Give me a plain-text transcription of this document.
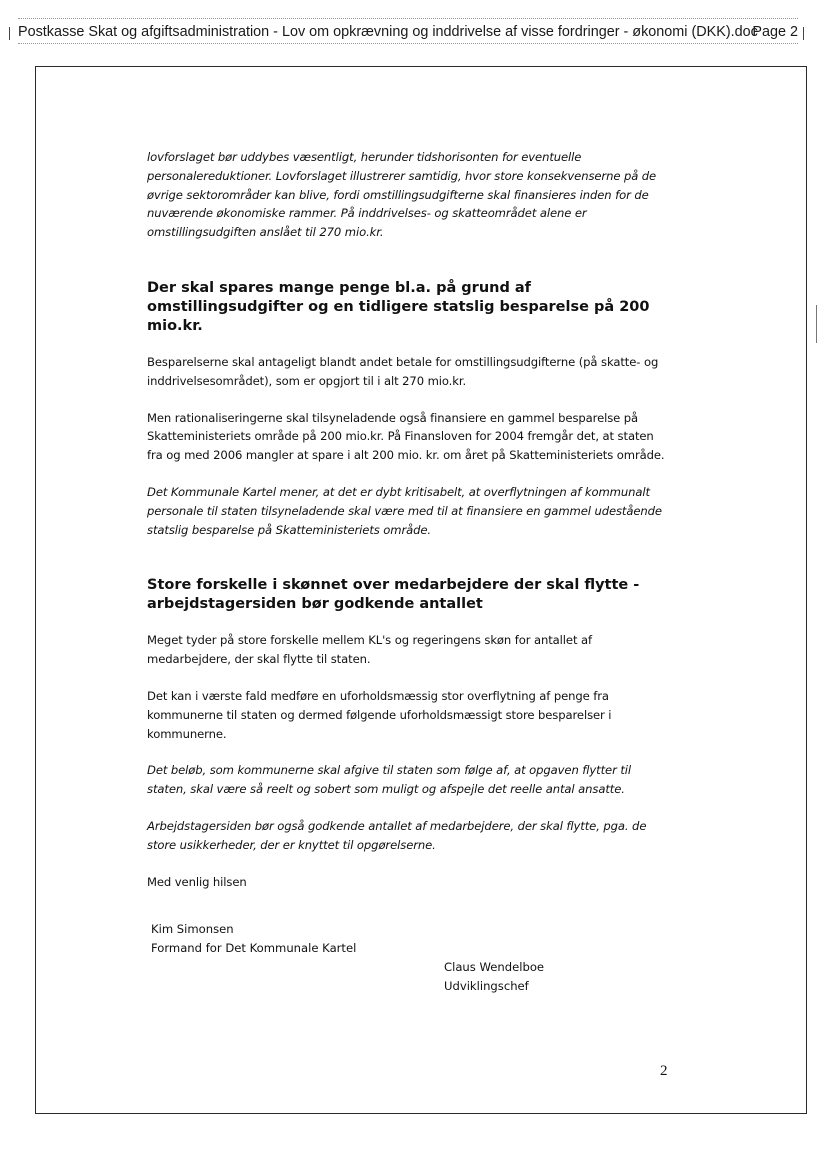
Postkasse Skat og afgiftsadministration - Lov om opkrævning og inddrivelse af visse fordringer - økonomi (DKK).doc
Page 2

lovforslaget bør uddybes væsentligt, herunder tidshorisonten for eventuelle personalereduktioner. Lovforslaget illustrerer samtidig, hvor store konsekvenserne på de øvrige sektorområder kan blive, fordi omstillingsudgifterne skal finansieres inden for de nuværende økonomiske rammer. På inddrivelses- og skatteområdet alene er omstillingsudgiften anslået til 270 mio.kr.

Der skal spares mange penge bl.a. på grund af omstillingsudgifter og en tidligere statslig besparelse på 200 mio.kr.

Besparelserne skal antageligt blandt andet betale for omstillingsudgifterne (på skatte- og inddrivelsesområdet), som er opgjort til i alt 270 mio.kr.

Men rationaliseringerne skal tilsyneladende også finansiere en gammel besparelse på Skatteministeriets område på 200 mio.kr. På Finansloven for 2004 fremgår det, at staten fra og med 2006 mangler at spare i alt 200 mio. kr. om året på Skatteministeriets område.

Det Kommunale Kartel mener, at det er dybt kritisabelt, at overflytningen af kommunalt personale til staten tilsyneladende skal være med til at finansiere en gammel udestående statslig besparelse på Skatteministeriets område.

Store forskelle i skønnet over medarbejdere der skal flytte - arbejdstagersiden bør godkende antallet

Meget tyder på store forskelle mellem KL's og regeringens skøn for antallet af medarbejdere, der skal flytte til staten.

Det kan i værste fald medføre en uforholdsmæssig stor overflytning af penge fra kommunerne til staten og dermed følgende uforholdsmæssigt store besparelser i kommunerne.

Det beløb, som kommunerne skal afgive til staten som følge af, at opgaven flytter til staten, skal være så reelt og sobert som muligt og afspejle det reelle antal ansatte.

Arbejdstagersiden bør også godkende antallet af medarbejdere, der skal flytte, pga. de store usikkerheder, der er knyttet til opgørelserne.

Med venlig hilsen

Kim Simonsen
Formand for Det Kommunale Kartel
Claus Wendelboe
Udviklingschef
2
